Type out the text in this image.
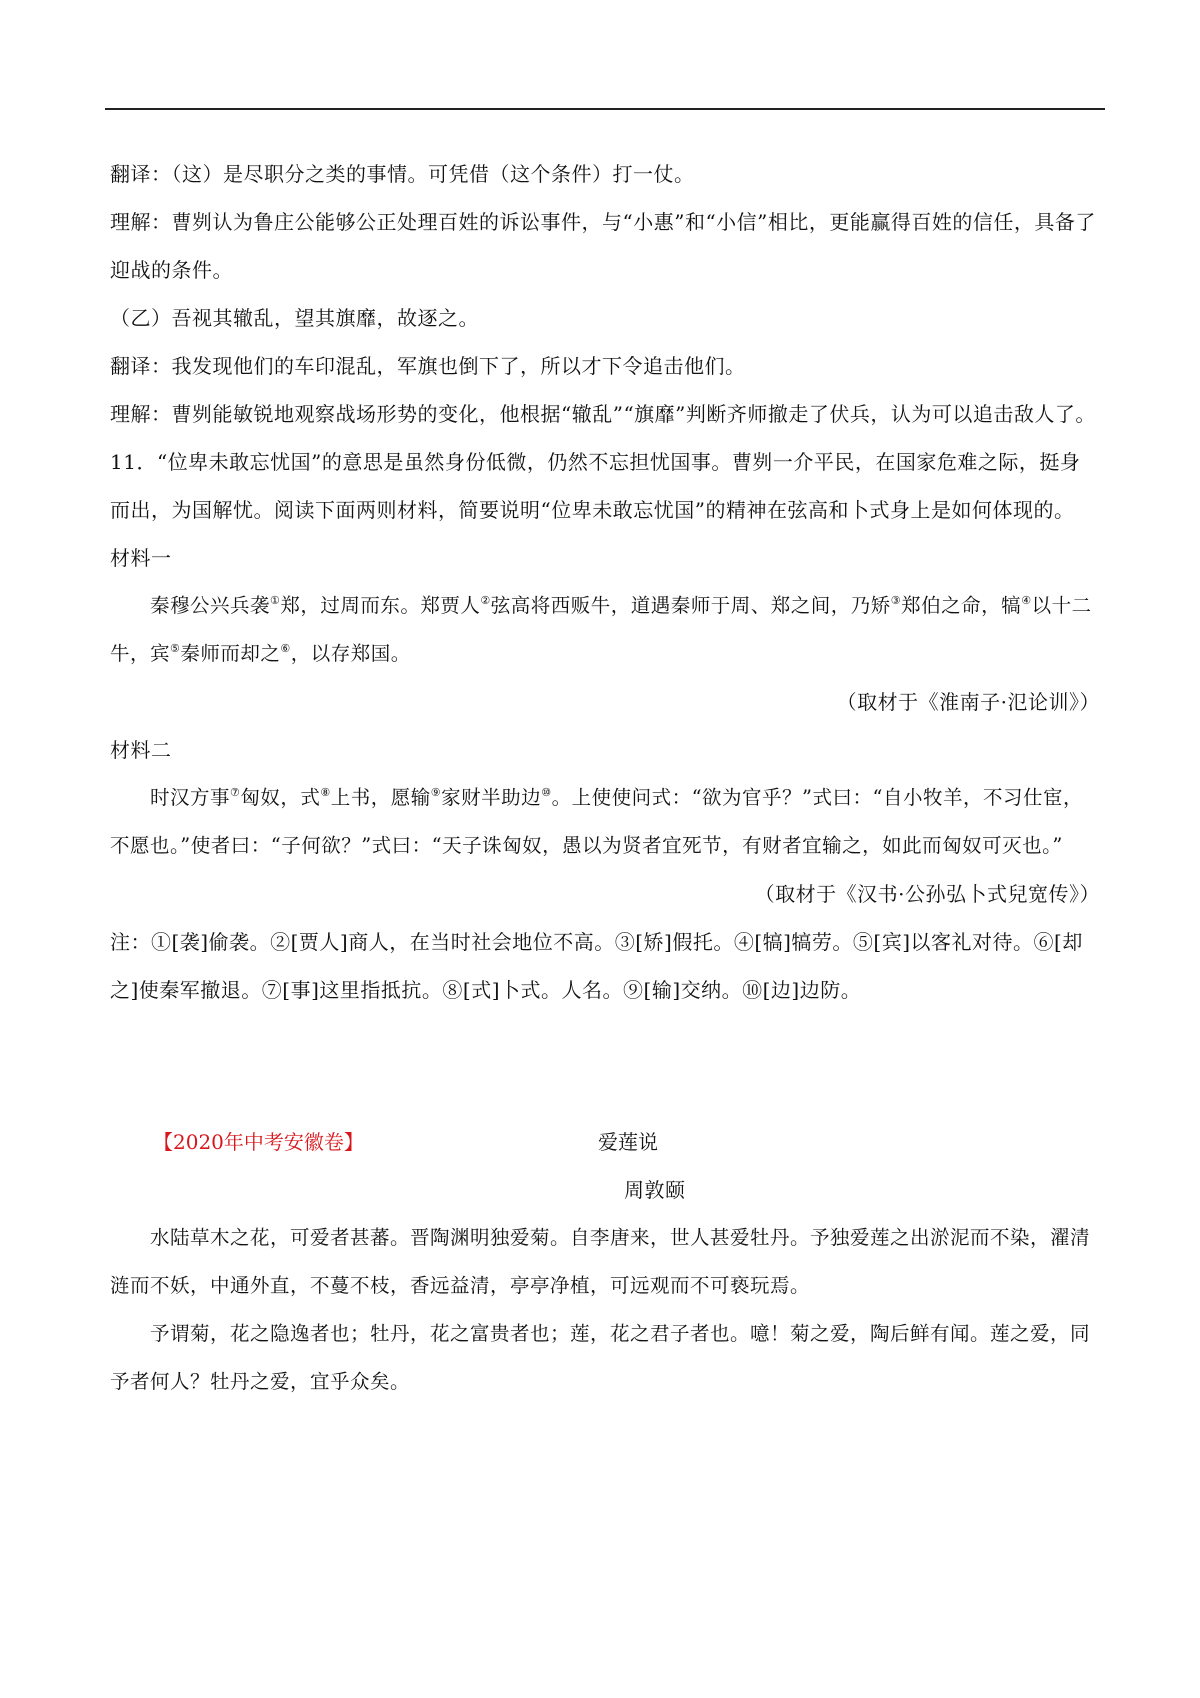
翻译：（这）是尽职分之类的事情。可凭借（这个条件）打一仗。

理解：曹刿认为鲁庄公能够公正处理百姓的诉讼事件，与“小惠”和“小信”相比，更能赢得百姓的信任，具备了迎战的条件。

（乙）吾视其辙乱，望其旗靡，故逐之。

翻译：我发现他们的车印混乱，军旗也倒下了，所以才下令追击他们。

理解：曹刿能敏锐地观察战场形势的变化，他根据“辙乱”“旗靡”判断齐师撤走了伏兵，认为可以追击敌人了。

11．“位卑未敢忘忧国”的意思是虽然身份低微，仍然不忘担忧国事。曹刿一介平民，在国家危难之际，挺身而出，为国解忧。阅读下面两则材料，简要说明“位卑未敢忘忧国”的精神在弦高和卜式身上是如何体现的。

材料一

秦穆公兴兵袭①郑，过周而东。郑贾人②弦高将西贩牛，道遇秦师于周、郑之间，乃矫③郑伯之命，犒④以十二牛，宾⑤秦师而却之⑥，以存郑国。

（取材于《淮南子·氾论训》）

材料二

时汉方事⑦匈奴，式⑧上书，愿输⑨家财半助边⑩。上使使问式：“欲为官乎？”式曰：“自小牧羊，不习仕宦，不愿也。”使者曰：“子何欲？”式曰：“天子诛匈奴，愚以为贤者宜死节，有财者宜输之，如此而匈奴可灭也。”

（取材于《汉书·公孙弘卜式兒宽传》）

注：①[袭]偷袭。②[贾人]商人，在当时社会地位不高。③[矫]假托。④[犒]犒劳。⑤[宾]以客礼对待。⑥[却之]使秦军撤退。⑦[事]这里指抵抗。⑧[式]卜式。人名。⑨[输]交纳。⑩[边]边防。

【2020年中考安徽卷】	爱莲说

周敦颐

水陆草木之花，可爱者甚蕃。晋陶渊明独爱菊。自李唐来，世人甚爱牡丹。予独爱莲之出淤泥而不染，濯清涟而不妖，中通外直，不蔓不枝，香远益清，亭亭净植，可远观而不可亵玩焉。

予谓菊，花之隐逸者也；牡丹，花之富贵者也；莲，花之君子者也。噫！菊之爱，陶后鲜有闻。莲之爱，同予者何人？牡丹之爱，宜乎众矣。
